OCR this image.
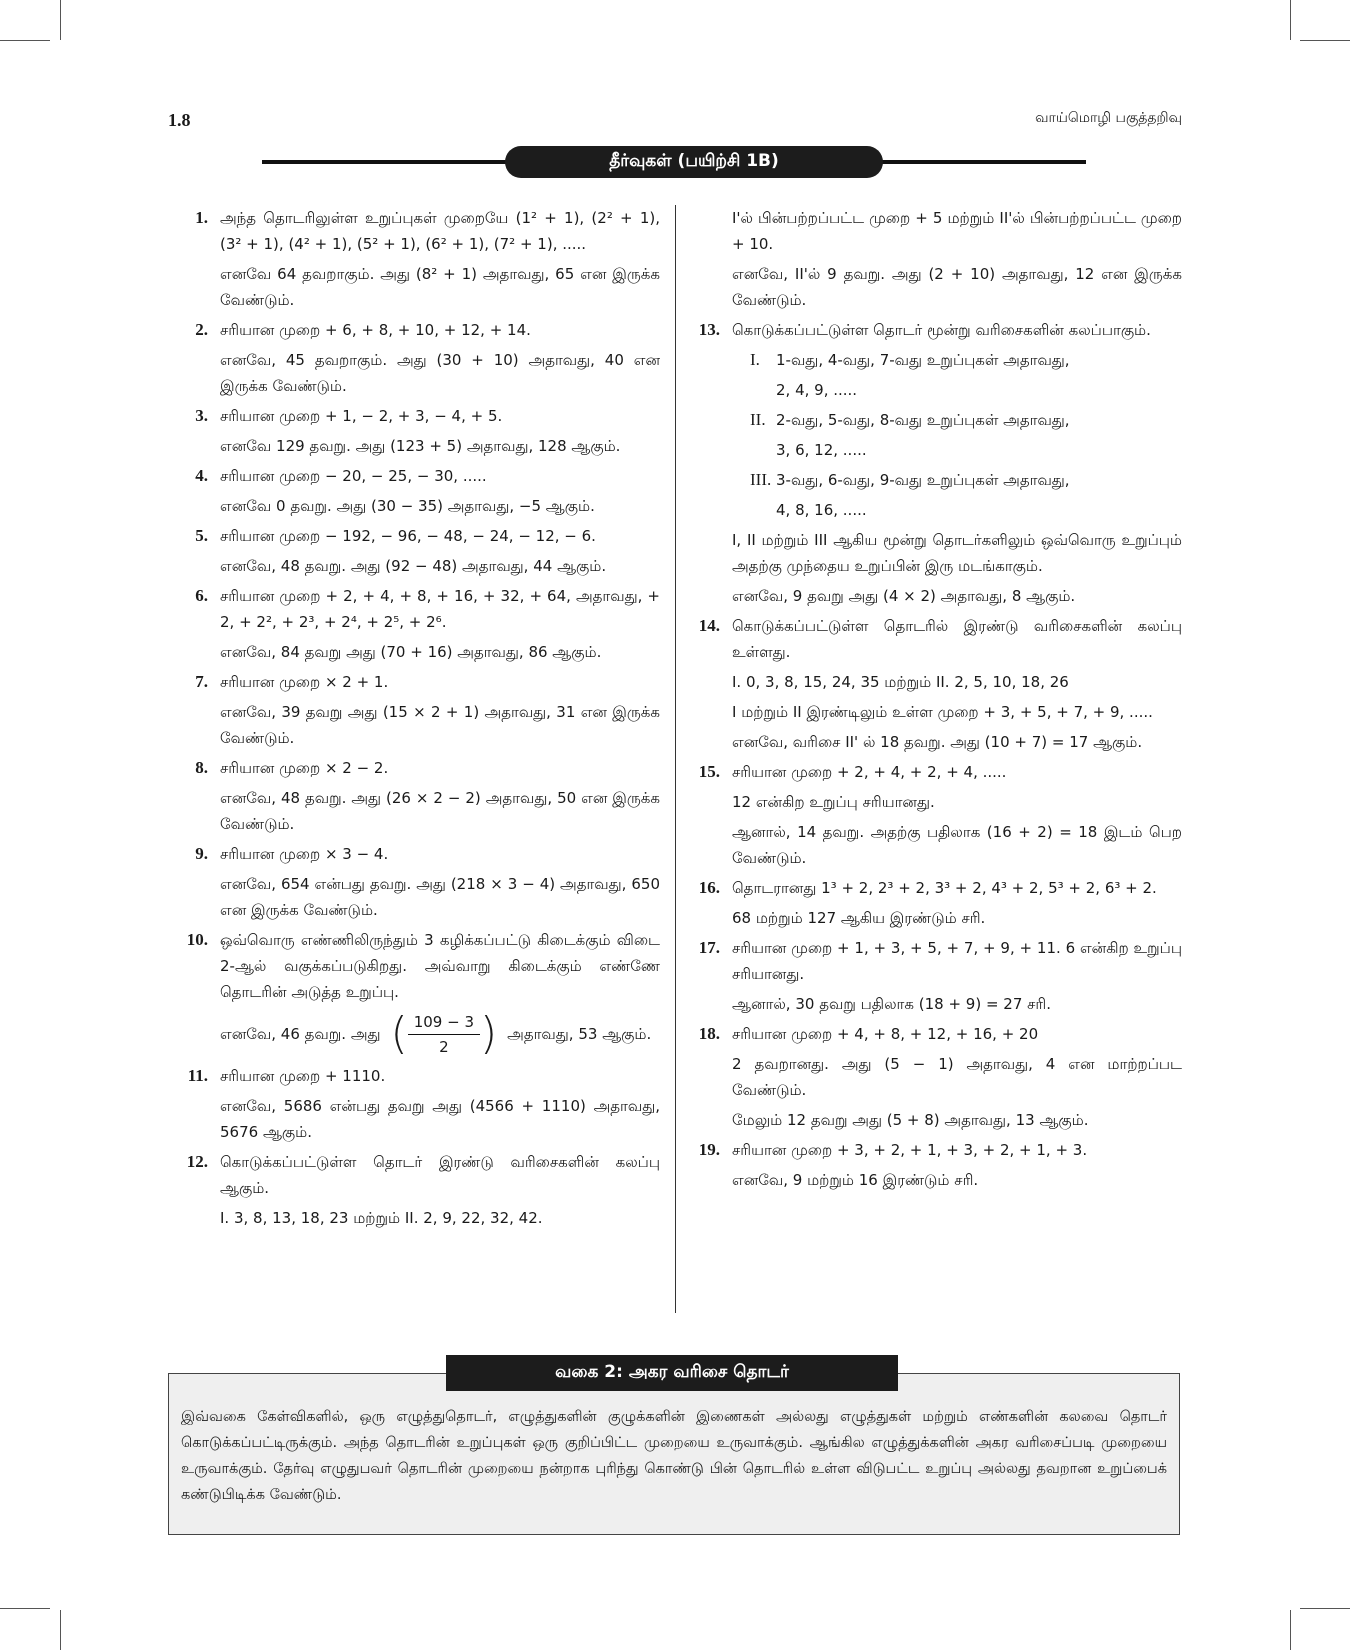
1.8	வாய்மொழி பகுத்தறிவு
தீர்வுகள் (பயிற்சி 1B)
1. அந்த தொடரிலுள்ள உறுப்புகள் முறையே (1² + 1), (2² + 1), (3² + 1), (4² + 1), (5² + 1), (6² + 1), (7² + 1), .....

எனவே 64 தவறாகும். அது (8² + 1) அதாவது, 65 என இருக்க வேண்டும்.

2. சரியான முறை + 6, + 8, + 10, + 12, + 14.

எனவே, 45 தவறாகும். அது (30 + 10) அதாவது, 40 என இருக்க வேண்டும்.

3. சரியான முறை + 1, − 2, + 3, − 4, + 5.

எனவே 129 தவறு. அது (123 + 5) அதாவது, 128 ஆகும்.

4. சரியான முறை − 20, − 25, − 30, .....

எனவே 0 தவறு. அது (30 − 35) அதாவது, −5 ஆகும்.

5. சரியான முறை − 192, − 96, − 48, − 24, − 12, − 6.

எனவே, 48 தவறு. அது (92 − 48) அதாவது, 44 ஆகும்.

6. சரியான முறை + 2, + 4, + 8, + 16, + 32, + 64, அதாவது, + 2, + 2², + 2³, + 2⁴, + 2⁵, + 2⁶.

எனவே, 84 தவறு அது (70 + 16) அதாவது, 86 ஆகும்.

7. சரியான முறை × 2 + 1.

எனவே, 39 தவறு அது (15 × 2 + 1) அதாவது, 31 என இருக்க வேண்டும்.

8. சரியான முறை × 2 − 2.

எனவே, 48 தவறு. அது (26 × 2 − 2) அதாவது, 50 என இருக்க வேண்டும்.

9. சரியான முறை × 3 − 4.

எனவே, 654 என்பது தவறு. அது (218 × 3 − 4) அதாவது, 650 என இருக்க வேண்டும்.

10. ஒவ்வொரு எண்ணிலிருந்தும் 3 கழிக்கப்பட்டு கிடைக்கும் விடை 2-ஆல் வகுக்கப்படுகிறது. அவ்வாறு கிடைக்கும் எண்ணே தொடரின் அடுத்த உறுப்பு.

எனவே, 46 தவறு. அது ( $\frac{109 - 3}{2}$ ) அதாவது, 53 ஆகும்.

11. சரியான முறை + 1110.

எனவே, 5686 என்பது தவறு அது (4566 + 1110) அதாவது, 5676 ஆகும்.

12. கொடுக்கப்பட்டுள்ள தொடர் இரண்டு வரிசைகளின் கலப்பு ஆகும்.

I. 3, 8, 13, 18, 23 மற்றும் II. 2, 9, 22, 32, 42.

I'ல் பின்பற்றப்பட்ட முறை + 5 மற்றும் II'ல் பின்பற்றப்பட்ட முறை + 10.

எனவே, II'ல் 9 தவறு. அது (2 + 10) அதாவது, 12 என இருக்க வேண்டும்.

13. கொடுக்கப்பட்டுள்ள தொடர் மூன்று வரிசைகளின் கலப்பாகும்.

I. 1-வது, 4-வது, 7-வது உறுப்புகள் அதாவது,

2, 4, 9, .....

II. 2-வது, 5-வது, 8-வது உறுப்புகள் அதாவது,

3, 6, 12, .....

III. 3-வது, 6-வது, 9-வது உறுப்புகள் அதாவது,

4, 8, 16, .....

I, II மற்றும் III ஆகிய மூன்று தொடர்களிலும் ஒவ்வொரு உறுப்பும் அதற்கு முந்தைய உறுப்பின் இரு மடங்காகும்.

எனவே, 9 தவறு அது (4 × 2) அதாவது, 8 ஆகும்.

14. கொடுக்கப்பட்டுள்ள தொடரில் இரண்டு வரிசைகளின் கலப்பு உள்ளது.

I. 0, 3, 8, 15, 24, 35 மற்றும் II. 2, 5, 10, 18, 26

I மற்றும் II இரண்டிலும் உள்ள முறை + 3, + 5, + 7, + 9, .....

எனவே, வரிசை II' ல் 18 தவறு. அது (10 + 7) = 17 ஆகும்.

15. சரியான முறை + 2, + 4, + 2, + 4, .....

12 என்கிற உறுப்பு சரியானது.

ஆனால், 14 தவறு. அதற்கு பதிலாக (16 + 2) = 18 இடம் பெற வேண்டும்.

16. தொடரானது 1³ + 2, 2³ + 2, 3³ + 2, 4³ + 2, 5³ + 2, 6³ + 2.

68 மற்றும் 127 ஆகிய இரண்டும் சரி.

17. சரியான முறை + 1, + 3, + 5, + 7, + 9, + 11. 6 என்கிற உறுப்பு சரியானது.

ஆனால், 30 தவறு பதிலாக (18 + 9) = 27 சரி.

18. சரியான முறை + 4, + 8, + 12, + 16, + 20

2 தவறானது. அது (5 − 1) அதாவது, 4 என மாற்றப்பட வேண்டும்.

மேலும் 12 தவறு அது (5 + 8) அதாவது, 13 ஆகும்.

19. சரியான முறை + 3, + 2, + 1, + 3, + 2, + 1, + 3.

எனவே, 9 மற்றும் 16 இரண்டும் சரி.

வகை 2: அகர வரிசை தொடர்
இவ்வகை கேள்விகளில், ஒரு எழுத்துதொடர், எழுத்துகளின் குழுக்களின் இணைகள் அல்லது எழுத்துகள் மற்றும் எண்களின் கலவை தொடர் கொடுக்கப்பட்டிருக்கும். அந்த தொடரின் உறுப்புகள் ஒரு குறிப்பிட்ட முறையை உருவாக்கும். ஆங்கில எழுத்துக்களின் அகர வரிசைப்படி முறையை உருவாக்கும். தேர்வு எழுதுபவர் தொடரின் முறையை நன்றாக புரிந்து கொண்டு பின் தொடரில் உள்ள விடுபட்ட உறுப்பு அல்லது தவறான உறுப்பைக் கண்டுபிடிக்க வேண்டும்.
